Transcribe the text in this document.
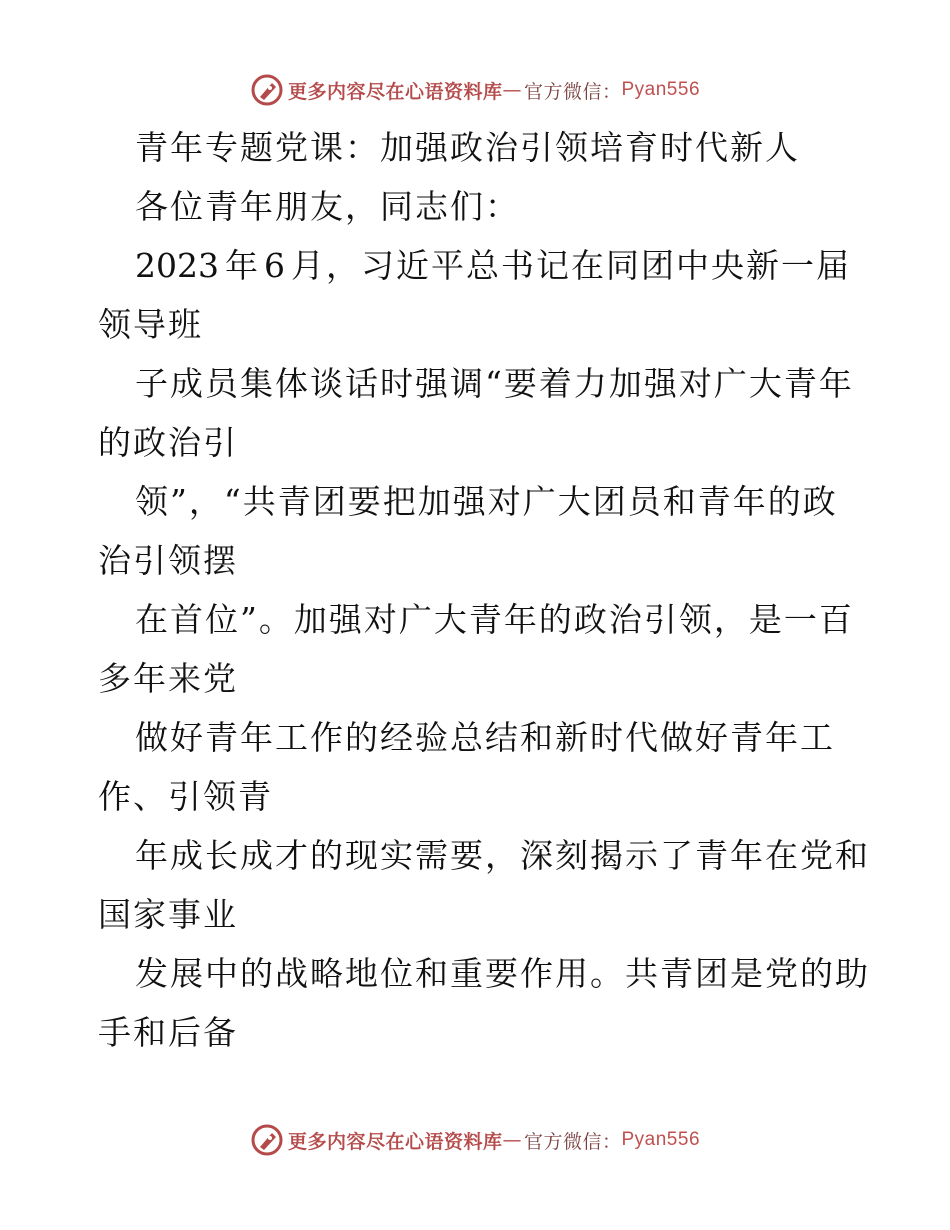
更多内容尽在心语资料库 — 官方微信： Pyan556
青年专题党课：加强政治引领培育时代新人
各位青年朋友，同志们：
2023 年 6 月，习近平总书记在同团中央新一届
领导班
子成员集体谈话时强调“要着力加强对广大青年
的政治引
领”，“共青团要把加强对广大团员和青年的政
治引领摆
在首位”。加强对广大青年的政治引领，是一百
多年来党
做好青年工作的经验总结和新时代做好青年工
作、引领青
年成长成才的现实需要，深刻揭示了青年在党和
国家事业
发展中的战略地位和重要作用。共青团是党的助
手和后备
更多内容尽在心语资料库 — 官方微信： Pyan556
